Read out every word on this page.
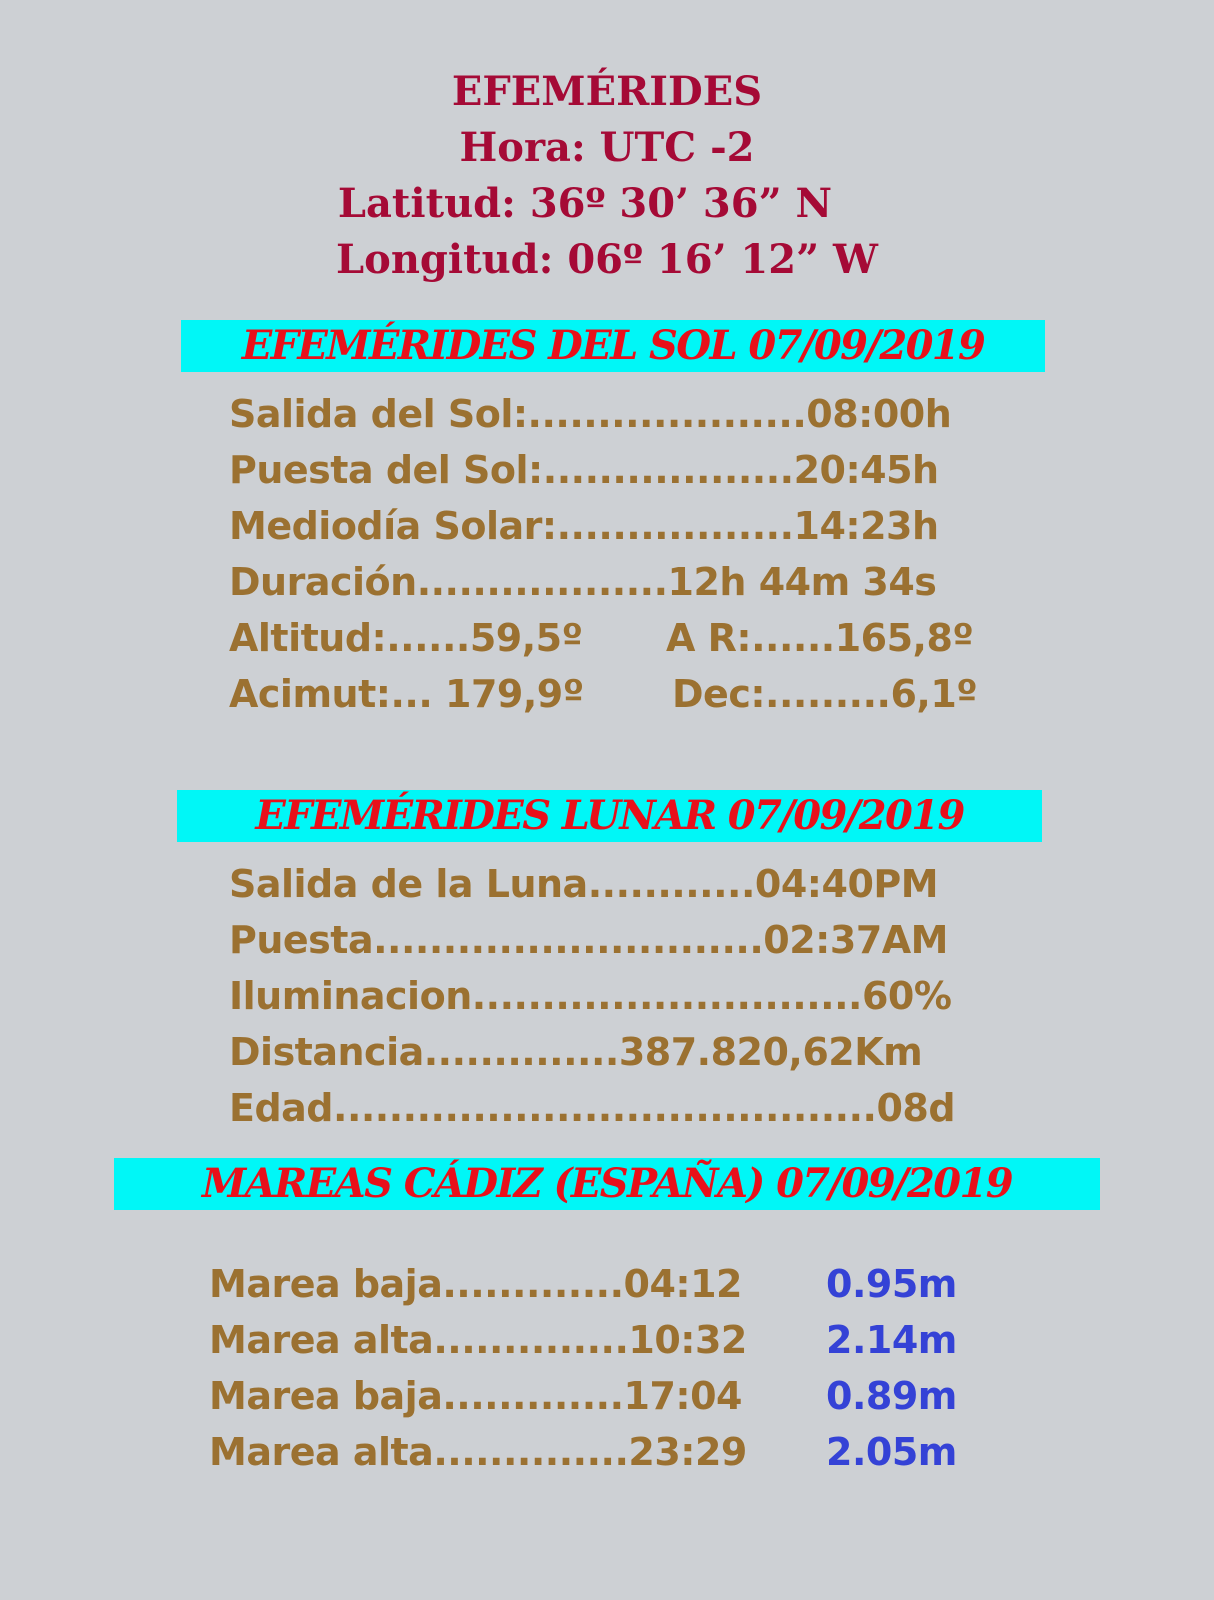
EFEMÉRIDES
Hora: UTC -2
Latitud: 36º 30’ 36” N
Longitud: 06º 16’ 12” W
EFEMÉRIDES DEL SOL 07/09/2019
Salida del Sol:....................08:00h
Puesta del Sol:..................20:45h
Mediodía Solar:.................14:23h
Duración..................12h 44m 34s
Altitud:......59,5º A R:......165,8º
Acimut:... 179,9º Dec:.........6,1º
EFEMÉRIDES LUNAR 07/09/2019
Salida de la Luna............04:40PM
Puesta............................02:37AM
Iluminacion............................60%
Distancia..............387.820,62Km
Edad.......................................08d
MAREAS CÁDIZ (ESPAÑA) 07/09/2019
Marea baja.............04:12 0.95m
Marea alta..............10:32 2.14m
Marea baja.............17:04 0.89m
Marea alta..............23:29 2.05m
